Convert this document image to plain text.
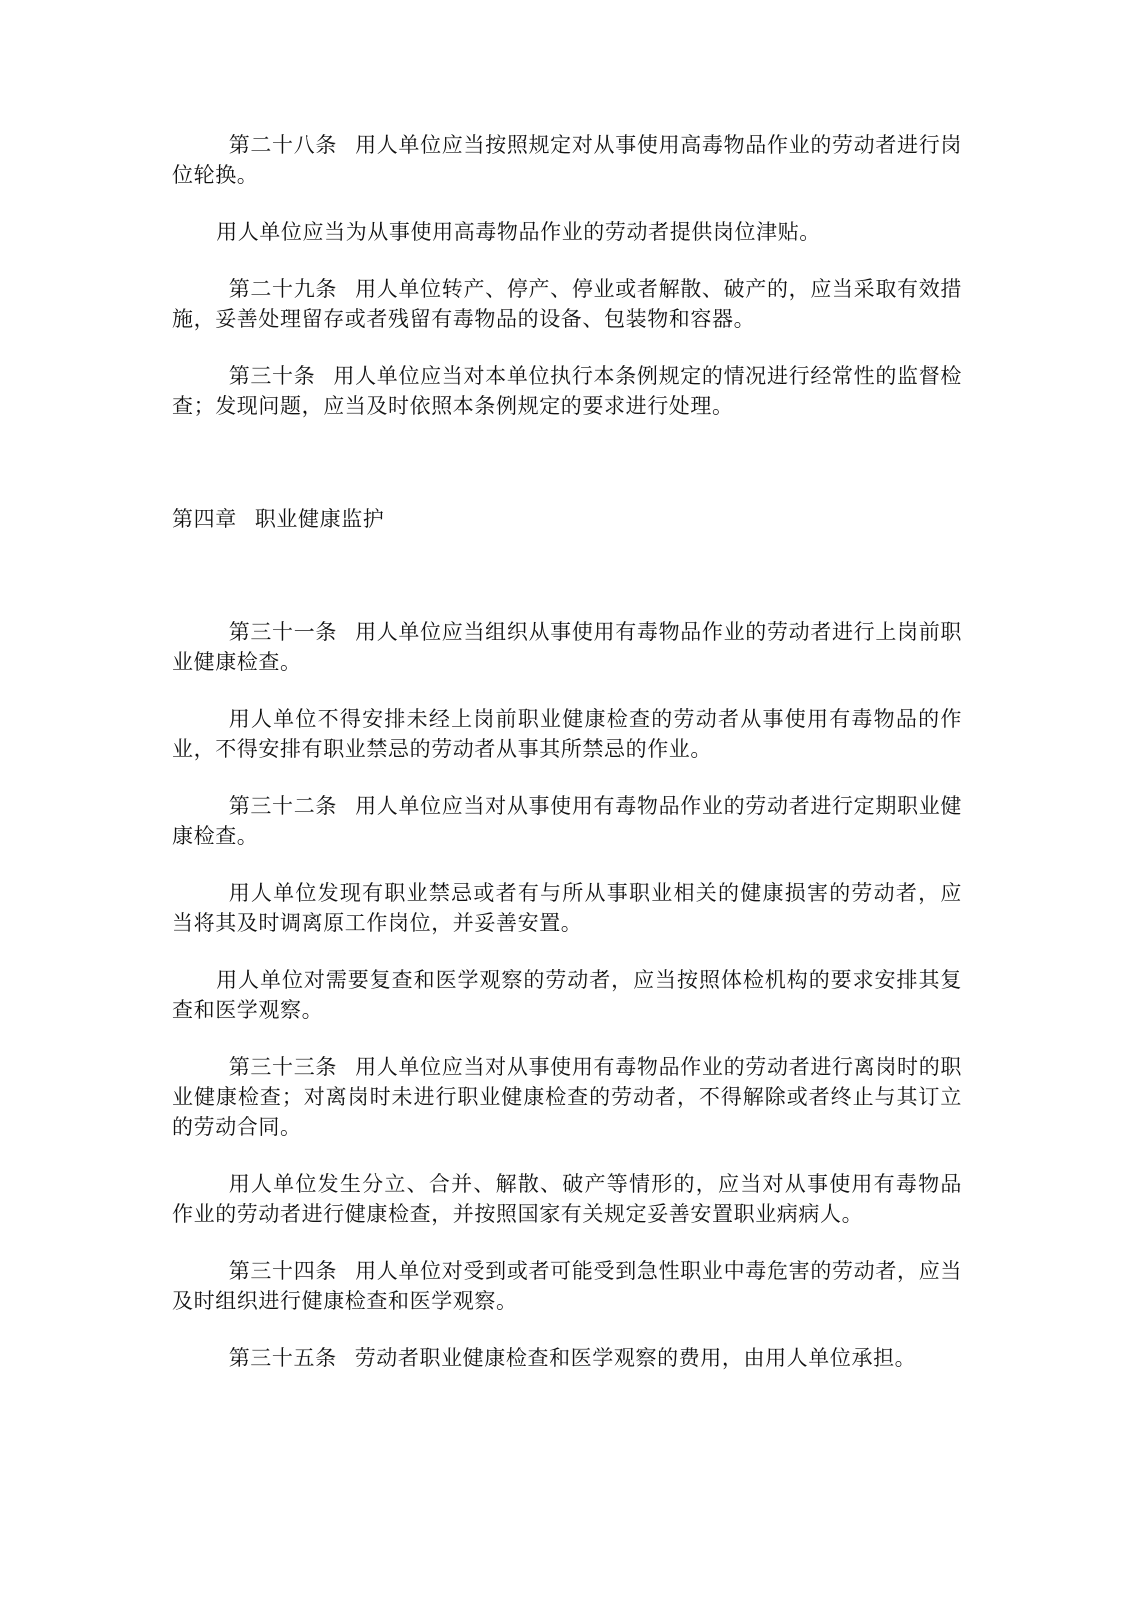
第二十八条 用人单位应当按照规定对从事使用高毒物品作业的劳动者进行岗位轮换。

用人单位应当为从事使用高毒物品作业的劳动者提供岗位津贴。

第二十九条 用人单位转产、停产、停业或者解散、破产的，应当采取有效措施，妥善处理留存或者残留有毒物品的设备、包装物和容器。

第三十条 用人单位应当对本单位执行本条例规定的情况进行经常性的监督检查；发现问题，应当及时依照本条例规定的要求进行处理。

第四章 职业健康监护

第三十一条 用人单位应当组织从事使用有毒物品作业的劳动者进行上岗前职业健康检查。

用人单位不得安排未经上岗前职业健康检查的劳动者从事使用有毒物品的作业，不得安排有职业禁忌的劳动者从事其所禁忌的作业。

第三十二条 用人单位应当对从事使用有毒物品作业的劳动者进行定期职业健康检查。

用人单位发现有职业禁忌或者有与所从事职业相关的健康损害的劳动者，应当将其及时调离原工作岗位，并妥善安置。

用人单位对需要复查和医学观察的劳动者，应当按照体检机构的要求安排其复查和医学观察。

第三十三条 用人单位应当对从事使用有毒物品作业的劳动者进行离岗时的职业健康检查；对离岗时未进行职业健康检查的劳动者，不得解除或者终止与其订立的劳动合同。

用人单位发生分立、合并、解散、破产等情形的，应当对从事使用有毒物品作业的劳动者进行健康检查，并按照国家有关规定妥善安置职业病病人。

第三十四条 用人单位对受到或者可能受到急性职业中毒危害的劳动者，应当及时组织进行健康检查和医学观察。

第三十五条 劳动者职业健康检查和医学观察的费用，由用人单位承担。
